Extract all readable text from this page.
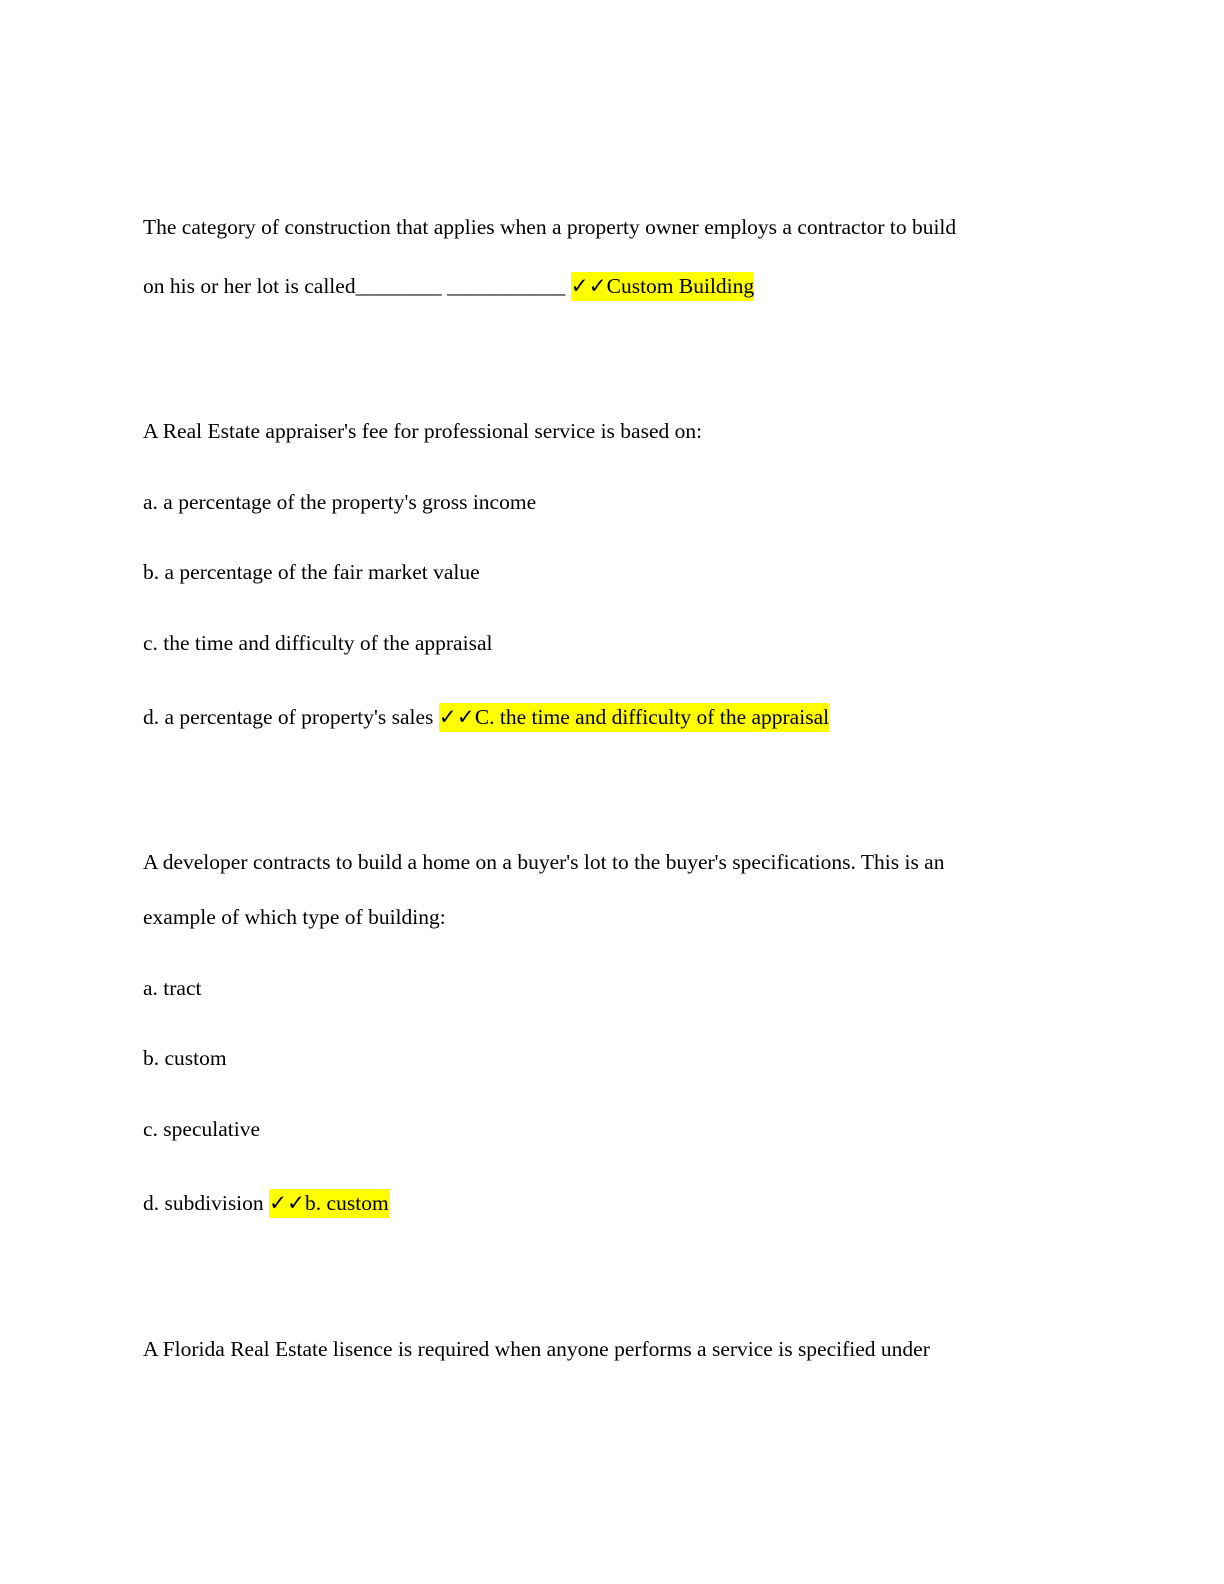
The category of construction that applies when a property owner employs a contractor to build
on his or her lot is called________ ___________ ✓✓Custom Building
A Real Estate appraiser's fee for professional service is based on:
a. a percentage of the property's gross income
b. a percentage of the fair market value
c. the time and difficulty of the appraisal
d. a percentage of property's sales ✓✓C. the time and difficulty of the appraisal
A developer contracts to build a home on a buyer's lot to the buyer's specifications. This is an
example of which type of building:
a. tract
b. custom
c. speculative
d. subdivision ✓✓b. custom
A Florida Real Estate lisence is required when anyone performs a service is specified under
